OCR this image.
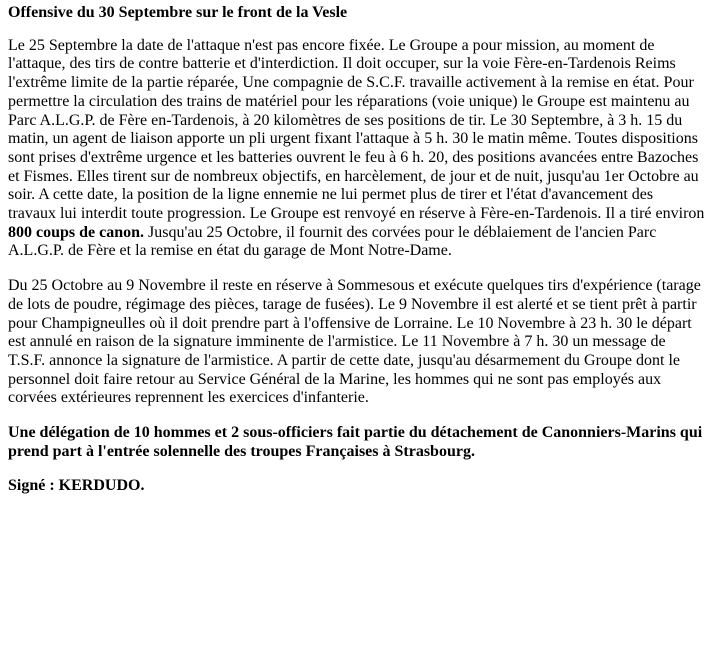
Offensive du 30 Septembre sur le front de la Vesle

Le 25 Septembre la date de l'attaque n'est pas encore fixée. Le Groupe a pour mission, au moment de l'attaque, des tirs de contre batterie et d'interdiction. Il doit occuper, sur la voie Fère-en-Tardenois Reims l'extrême limite de la partie réparée, Une compagnie de S.C.F. travaille activement à la remise en état. Pour permettre la circulation des trains de matériel pour les réparations (voie unique) le Groupe est maintenu au Parc A.L.G.P. de Fère en-Tardenois, à 20 kilomètres de ses positions de tir. Le 30 Septembre, à 3 h. 15 du matin, un agent de liaison apporte un pli urgent fixant l'attaque à 5 h. 30 le matin même. Toutes dispositions sont prises d'extrême urgence et les batteries ouvrent le feu à 6 h. 20, des positions avancées entre Bazoches et Fismes. Elles tirent sur de nombreux objectifs, en harcèlement, de jour et de nuit, jusqu'au 1er Octobre au soir. A cette date, la position de la ligne ennemie ne lui permet plus de tirer et l'état d'avancement des travaux lui interdit toute progression. Le Groupe est renvoyé en réserve à Fère-en-Tardenois. Il a tiré environ 800 coups de canon. Jusqu'au 25 Octobre, il fournit des corvées pour le déblaiement de l'ancien Parc A.L.G.P. de Fère et la remise en état du garage de Mont Notre-Dame.

Du 25 Octobre au 9 Novembre il reste en réserve à Sommesous et exécute quelques tirs d'expérience (tarage de lots de poudre, régimage des pièces, tarage de fusées). Le 9 Novembre il est alerté et se tient prêt à partir pour Champigneulles où il doit prendre part à l'offensive de Lorraine. Le 10 Novembre à 23 h. 30 le départ est annulé en raison de la signature imminente de l'armistice. Le 11 Novembre à 7 h. 30 un message de T.S.F. annonce la signature de l'armistice. A partir de cette date, jusqu'au désarmement du Groupe dont le personnel doit faire retour au Service Général de la Marine, les hommes qui ne sont pas employés aux corvées extérieures reprennent les exercices d'infanterie.

Une délégation de 10 hommes et 2 sous-officiers fait partie du détachement de Canonniers-Marins qui prend part à l'entrée solennelle des troupes Françaises à Strasbourg.

Signé : KERDUDO.
